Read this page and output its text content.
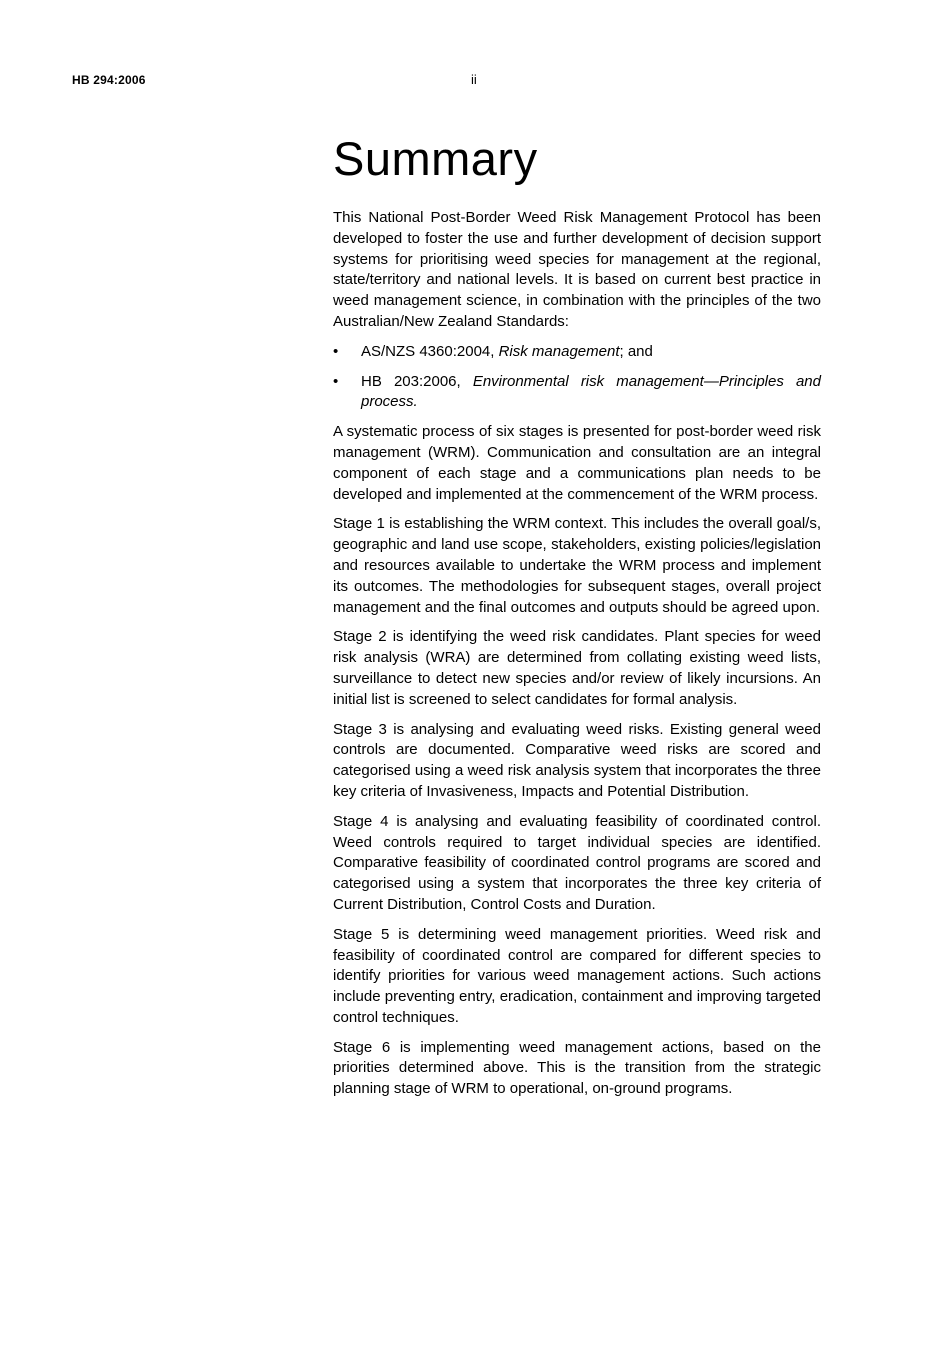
HB 294:2006	ii
Summary

This National Post-Border Weed Risk Management Protocol has been developed to foster the use and further development of decision support systems for prioritising weed species for management at the regional, state/territory and national levels. It is based on current best practice in weed management science, in combination with the principles of the two Australian/New Zealand Standards:

• AS/NZS 4360:2004, Risk management; and
• HB 203:2006, Environmental risk management—Principles and process.

A systematic process of six stages is presented for post-border weed risk management (WRM). Communication and consultation are an integral component of each stage and a communications plan needs to be developed and implemented at the commencement of the WRM process.

Stage 1 is establishing the WRM context. This includes the overall goal/s, geographic and land use scope, stakeholders, existing policies/legislation and resources available to undertake the WRM process and implement its outcomes. The methodologies for subsequent stages, overall project management and the final outcomes and outputs should be agreed upon.

Stage 2 is identifying the weed risk candidates. Plant species for weed risk analysis (WRA) are determined from collating existing weed lists, surveillance to detect new species and/or review of likely incursions. An initial list is screened to select candidates for formal analysis.

Stage 3 is analysing and evaluating weed risks. Existing general weed controls are documented. Comparative weed risks are scored and categorised using a weed risk analysis system that incorporates the three key criteria of Invasiveness, Impacts and Potential Distribution.

Stage 4 is analysing and evaluating feasibility of coordinated control. Weed controls required to target individual species are identified. Comparative feasibility of coordinated control programs are scored and categorised using a system that incorporates the three key criteria of Current Distribution, Control Costs and Duration.

Stage 5 is determining weed management priorities. Weed risk and feasibility of coordinated control are compared for different species to identify priorities for various weed management actions. Such actions include preventing entry, eradication, containment and improving targeted control techniques.

Stage 6 is implementing weed management actions, based on the priorities determined above. This is the transition from the strategic planning stage of WRM to operational, on-ground programs.
